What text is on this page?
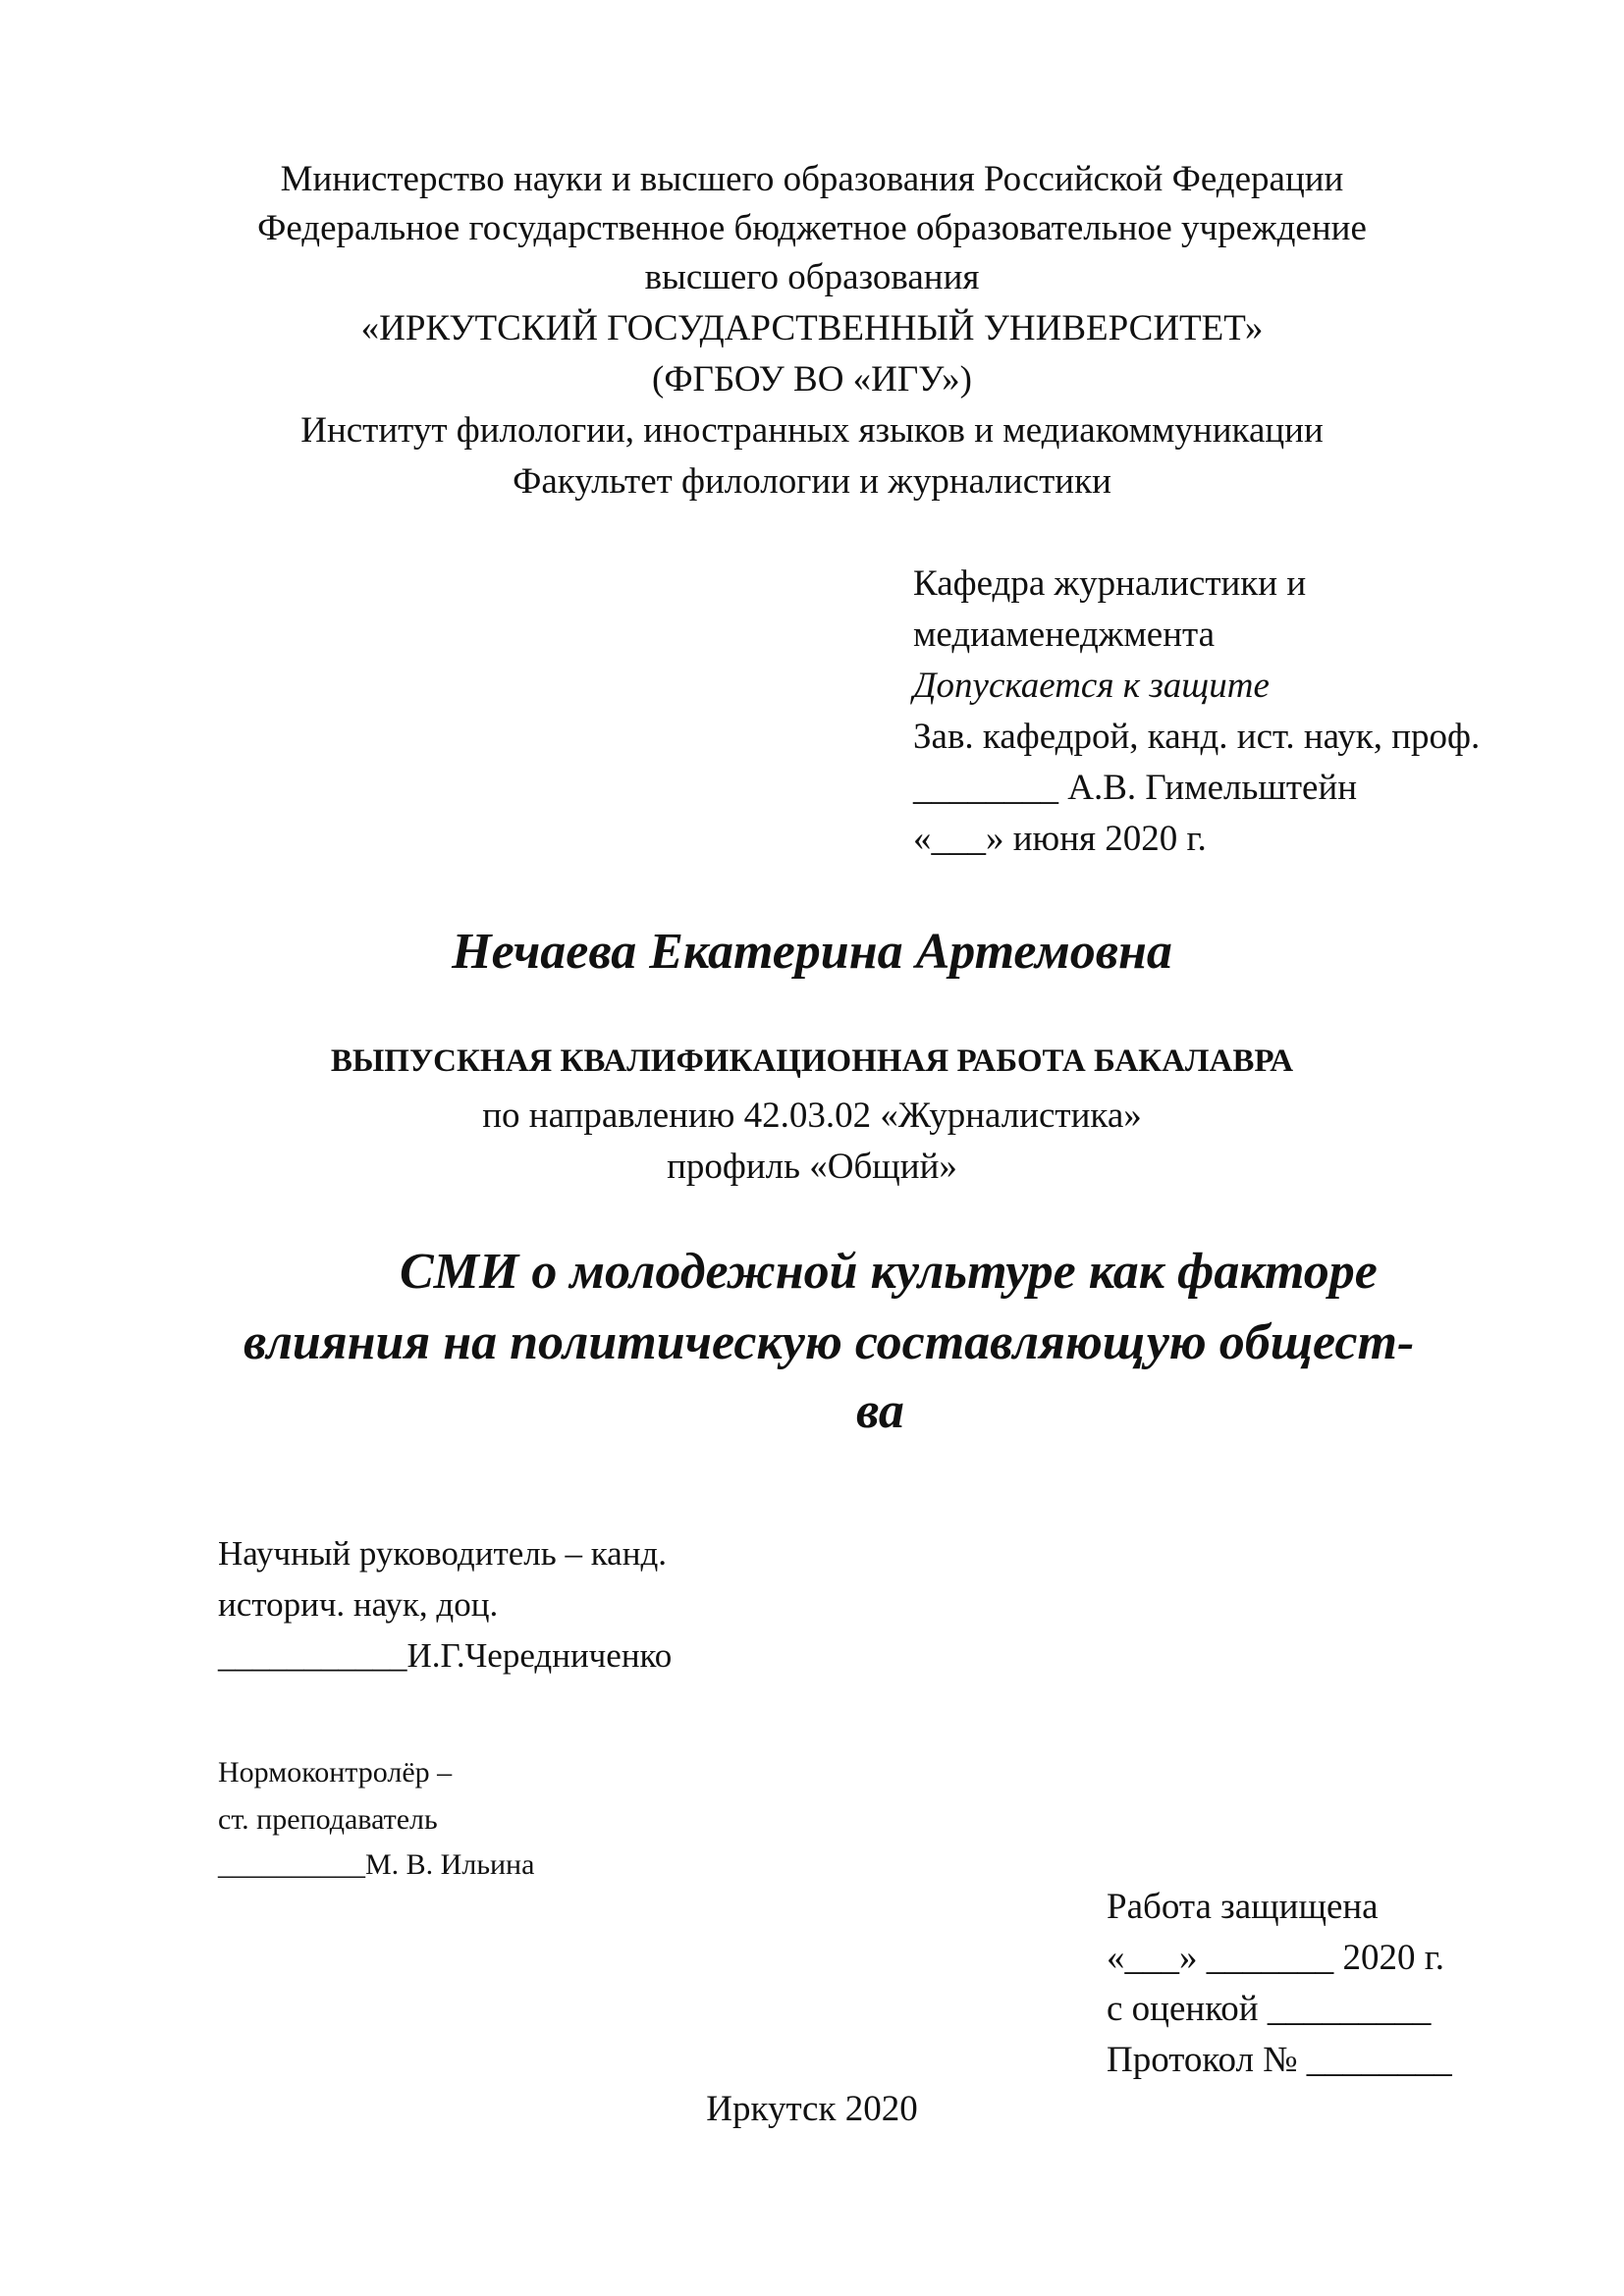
Министерство науки и высшего образования Российской Федерации
Федеральное государственное бюджетное образовательное учреждение
высшего образования
«ИРКУТСКИЙ ГОСУДАРСТВЕННЫЙ УНИВЕРСИТЕТ»
(ФГБОУ ВО «ИГУ»)
Институт филологии, иностранных языков и медиакоммуникации
Факультет филологии и журналистики
Кафедра журналистики и
медиаменеджмента
Допускается к защите
Зав. кафедрой, канд. ист. наук, проф.
________ А.В. Гимельштейн
«___» июня 2020 г.
Нечаева Екатерина Артемовна
ВЫПУСКНАЯ КВАЛИФИКАЦИОННАЯ РАБОТА БАКАЛАВРА
по направлению 42.03.02 «Журналистика»
профиль «Общий»
СМИ о молодежной культуре как факторе
влияния на политическую составляющую общест-
ва
Научный руководитель – канд.
историч. наук, доц.
___________И.Г.Чередниченко
Нормоконтролёр –
ст. преподаватель
__________М. В. Ильина
Работа защищена
«___» _______ 2020 г.
с оценкой _________
Протокол № ________
Иркутск 2020
